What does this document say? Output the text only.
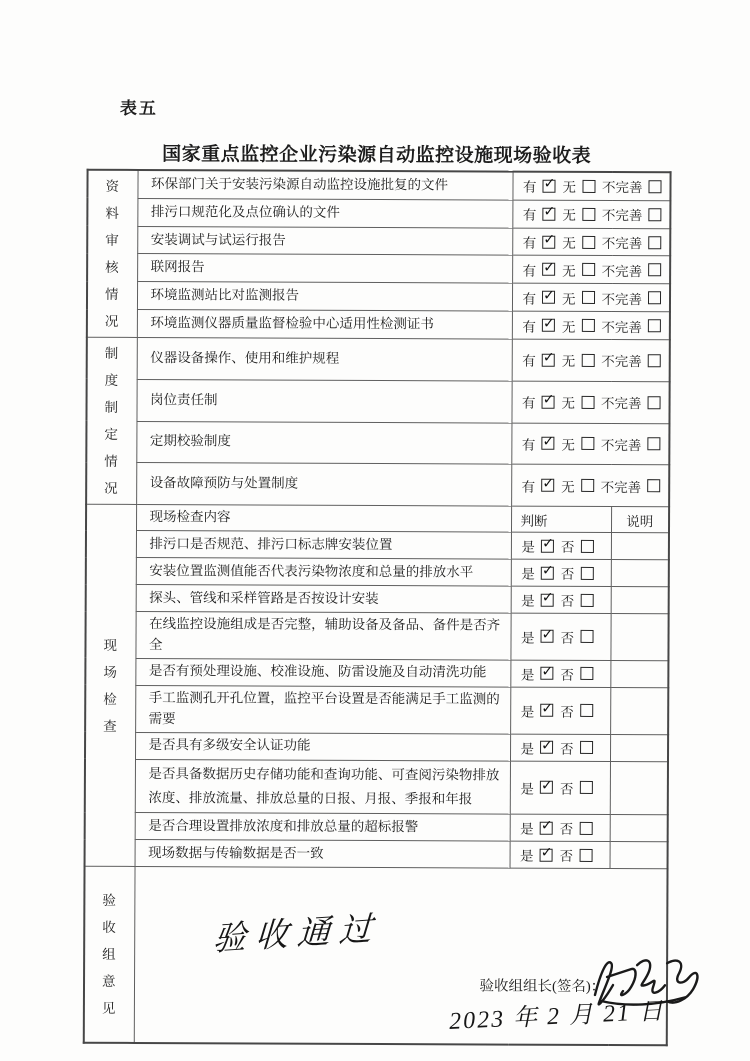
表五
国家重点监控企业污染源自动监控设施现场验收表
资料审核情况	环保部门关于安装污染源自动监控设施批复的文件	有 ✓ 无 不完善	

	排污口规范化及点位确认的文件	有 ✓ 无 不完善	

	安装调试与试运行报告	有 ✓ 无 不完善	

	联网报告	有 ✓ 无 不完善	

	环境监测站比对监测报告	有 ✓ 无 不完善	

	环境监测仪器质量监督检验中心适用性检测证书	有 ✓ 无 不完善	

制度制定情况	仪器设备操作、使用和维护规程	有 ✓ 无 不完善	

	岗位责任制	有 ✓ 无 不完善	

	定期校验制度	有 ✓ 无 不完善	

	设备故障预防与处置制度	有 ✓ 无 不完善	

现场检查	现场检查内容	判断	说明
	排污口是否规范、排污口标志牌安装位置	是 ✓ 否	

	安装位置监测值能否代表污染物浓度和总量的排放水平	是 ✓ 否	

	探头、管线和采样管路是否按设计安装	是 ✓ 否	

	在线监控设施组成是否完整，辅助设备及备品、备件是否齐全	是 ✓ 否	

	是否有预处理设施、校准设施、防雷设施及自动清洗功能	是 ✓ 否	

	手工监测孔开孔位置，监控平台设置是否能满足手工监测的需要	是 ✓ 否	

	是否具有多级安全认证功能	是 ✓ 否	

	是否具备数据历史存储功能和查询功能、可查阅污染物排放浓度、排放流量、排放总量的日报、月报、季报和年报	是 ✓ 否	

	是否合理设置排放浓度和排放总量的超标报警	是 ✓ 否	

	现场数据与传输数据是否一致	是 ✓ 否	

验收组意见	验收通过
验收组组长(签名)：
2023 年 2 月 21 日		
